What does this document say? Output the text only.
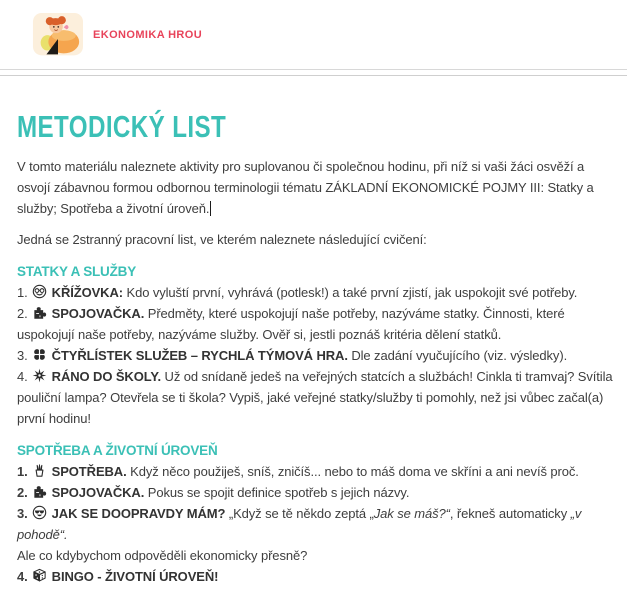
EKONOMIKA HROU
METODICKÝ LIST

V tomto materiálu naleznete aktivity pro suplovanou či společnou hodinu, při níž si vaši žáci osvěží a osvojí zábavnou formou odbornou terminologii tématu ZÁKLADNÍ EKONOMICKÉ POJMY III: Statky a služby; Spotřeba a životní úroveň.

Jedná se 2stranný pracovní list, ve kterém naleznete následující cvičení:

STATKY A SLUŽBY

1. KŘÍŽOVKA: Kdo vyluští první, vyhrává (potlesk!) a také první zjistí, jak uspokojit své potřeby.

2. SPOJOVAČKA. Předměty, které uspokojují naše potřeby, nazýváme statky. Činnosti, které uspokojují naše potřeby, nazýváme služby. Ověř si, jestli poznáš kritéria dělení statků.

3. ČTYŘLÍSTEK SLUŽEB – RYCHLÁ TÝMOVÁ HRA. Dle zadání vyučujícího (viz. výsledky).

4. RÁNO DO ŠKOLY. Už od snídaně jedeš na veřejných statcích a službách! Cinkla ti tramvaj? Svítila pouliční lampa? Otevřela se ti škola? Vypiš, jaké veřejné statky/služby ti pomohly, než jsi vůbec začal(a) první hodinu!

SPOTŘEBA A ŽIVOTNÍ ÚROVEŇ

1. SPOTŘEBA. Když něco použiješ, sníš, zničíš... nebo to máš doma ve skříni a ani nevíš proč.

2. SPOJOVAČKA. Pokus se spojit definice spotřeb s jejich názvy.

3. JAK SE DOOPRAVDY MÁM? „Když se tě někdo zeptá „Jak se máš?“, řekneš automaticky „v pohodě“.

Ale co kdybychom odpověděli ekonomicky přesně?

4. BINGO - ŽIVOTNÍ ÚROVEŇ!
